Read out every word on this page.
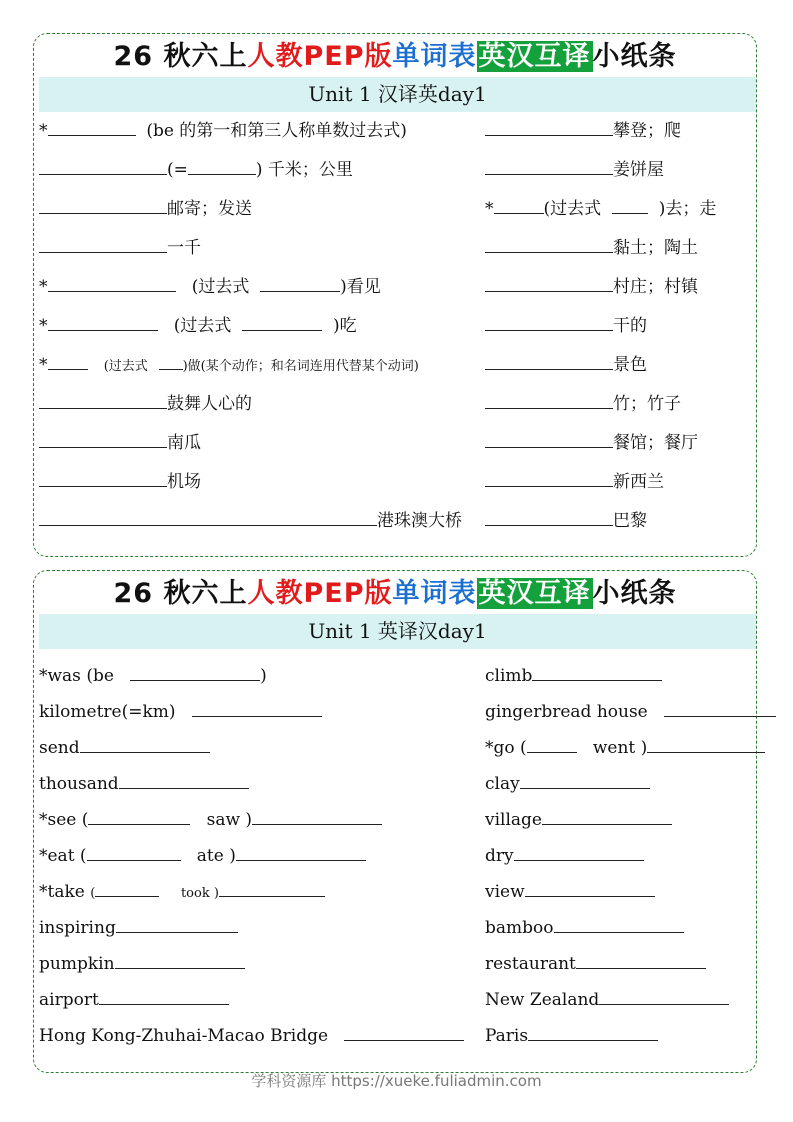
26 秋六上人教PEP版单词表英汉互译小纸条
Unit 1 汉译英day1
*	(be 的第一和第三人称单数过去式)	攀登；爬
(=	) 千米；公里	姜饼屋
邮寄；发送	*	(过去式	)去；走
一千	黏土；陶土
*	(过去式	)看见	村庄；村镇
*	(过去式	)吃	干的
*	(过去式	)做(某个动作；和名词连用代替某个动词)	景色
鼓舞人心的	竹；竹子
南瓜	餐馆；餐厅
机场	新西兰
港珠澳大桥	巴黎
26 秋六上人教PEP版单词表英汉互译小纸条
Unit 1 英译汉day1
*was (be	)	climb
kilometre(=km)	gingerbread house
send	*go (	went )
thousand	clay
*see (	saw )	village
*eat (	ate )	dry
*take (	took )	view
inspiring	bamboo
pumpkin	restaurant
airport	New Zealand
Hong Kong-Zhuhai-Macao Bridge	Paris
学科资源库 https://xueke.fuliadmin.com
